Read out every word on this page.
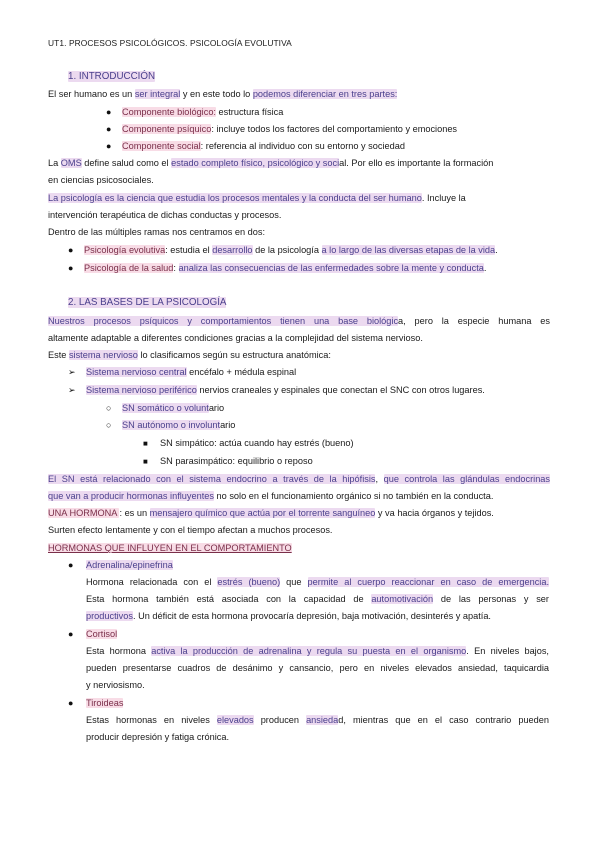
UT1. PROCESOS PSICOLÓGICOS. PSICOLOGÍA EVOLUTIVA
1. INTRODUCCIÓN
El ser humano es un ser integral y en este todo lo podemos diferenciar en tres partes:
● Componente biológico: estructura física
● Componente psíquico: incluye todos los factores del comportamiento y emociones
● Componente social: referencia al individuo con su entorno y sociedad
La OMS define salud como el estado completo físico, psicológico y social. Por ello es importante la formación
en ciencias psicosociales.
La psicología es la ciencia que estudia los procesos mentales y la conducta del ser humano. Incluye la
intervención terapéutica de dichas conductas y procesos.
Dentro de las múltiples ramas nos centramos en dos:
● Psicología evolutiva: estudia el desarrollo de la psicología a lo largo de las diversas etapas de la vida.
● Psicología de la salud: analiza las consecuencias de las enfermedades sobre la mente y conducta.
2. LAS BASES DE LA PSICOLOGÍA
Nuestros procesos psíquicos y comportamientos tienen una base biológica, pero la especie humana es
altamente adaptable a diferentes condiciones gracias a la complejidad del sistema nervioso.
Este sistema nervioso lo clasificamos según su estructura anatómica:
➢ Sistema nervioso central encéfalo + médula espinal
➢ Sistema nervioso periférico nervios craneales y espinales que conectan el SNC con otros lugares.
○ SN somático o voluntario
○ SN autónomo o involuntario
■ SN simpático: actúa cuando hay estrés (bueno)
■ SN parasimpático: equilibrio o reposo
El SN está relacionado con el sistema endocrino a través de la hipófisis, que controla las glándulas endocrinas
que van a producir hormonas influyentes no solo en el funcionamiento orgánico si no también en la conducta.
UNA HORMONA : es un mensajero químico que actúa por el torrente sanguíneo y va hacia órganos y tejidos.
Surten efecto lentamente y con el tiempo afectan a muchos procesos.
HORMONAS QUE INFLUYEN EN EL COMPORTAMIENTO
● Adrenalina/epinefrina
Hormona relacionada con el estrés (bueno) que permite al cuerpo reaccionar en caso de emergencia.
Esta hormona también está asociada con la capacidad de automotivación de las personas y ser
productivos. Un déficit de esta hormona provocaría depresión, baja motivación, desinterés y apatía.
● Cortisol
Esta hormona activa la producción de adrenalina y regula su puesta en el organismo. En niveles bajos,
pueden presentarse cuadros de desánimo y cansancio, pero en niveles elevados ansiedad, taquicardia
y nerviosismo.
● Tiroideas
Estas hormonas en niveles elevados producen ansiedad, mientras que en el caso contrario pueden
producir depresión y fatiga crónica.
